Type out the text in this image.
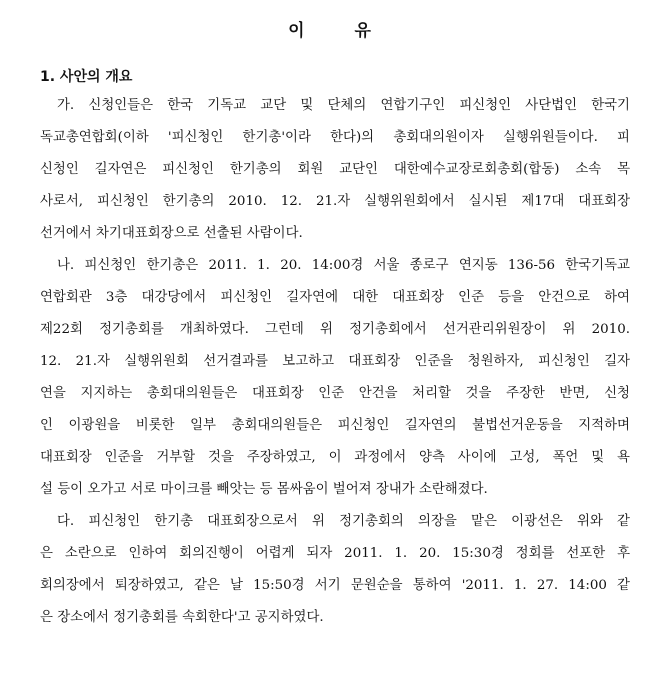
이 유
1. 사안의 개요
가. 신청인들은 한국 기독교 교단 및 단체의 연합기구인 피신청인 사단법인 한국기
독교총연합회(이하 '피신청인 한기총'이라 한다)의 총회대의원이자 실행위원들이다. 피
신청인 길자연은 피신청인 한기총의 회원 교단인 대한예수교장로회총회(합동) 소속 목
사로서, 피신청인 한기총의 2010. 12. 21.자 실행위원회에서 실시된 제17대 대표회장
선거에서 차기대표회장으로 선출된 사람이다.
나. 피신청인 한기총은 2011. 1. 20. 14:00경 서울 종로구 연지동 136-56 한국기독교
연합회관 3층 대강당에서 피신청인 길자연에 대한 대표회장 인준 등을 안건으로 하여
제22회 정기총회를 개최하였다. 그런데 위 정기총회에서 선거관리위원장이 위 2010.
12. 21.자 실행위원회 선거결과를 보고하고 대표회장 인준을 청원하자, 피신청인 길자
연을 지지하는 총회대의원들은 대표회장 인준 안건을 처리할 것을 주장한 반면, 신청
인 이광원을 비롯한 일부 총회대의원들은 피신청인 길자연의 불법선거운동을 지적하며
대표회장 인준을 거부할 것을 주장하였고, 이 과정에서 양측 사이에 고성, 폭언 및 욕
설 등이 오가고 서로 마이크를 빼앗는 등 몸싸움이 벌어져 장내가 소란해졌다.
다. 피신청인 한기총 대표회장으로서 위 정기총회의 의장을 맡은 이광선은 위와 같
은 소란으로 인하여 회의진행이 어렵게 되자 2011. 1. 20. 15:30경 정회를 선포한 후
회의장에서 퇴장하였고, 같은 날 15:50경 서기 문원순을 통하여 '2011. 1. 27. 14:00 같
은 장소에서 정기총회를 속회한다'고 공지하였다.
